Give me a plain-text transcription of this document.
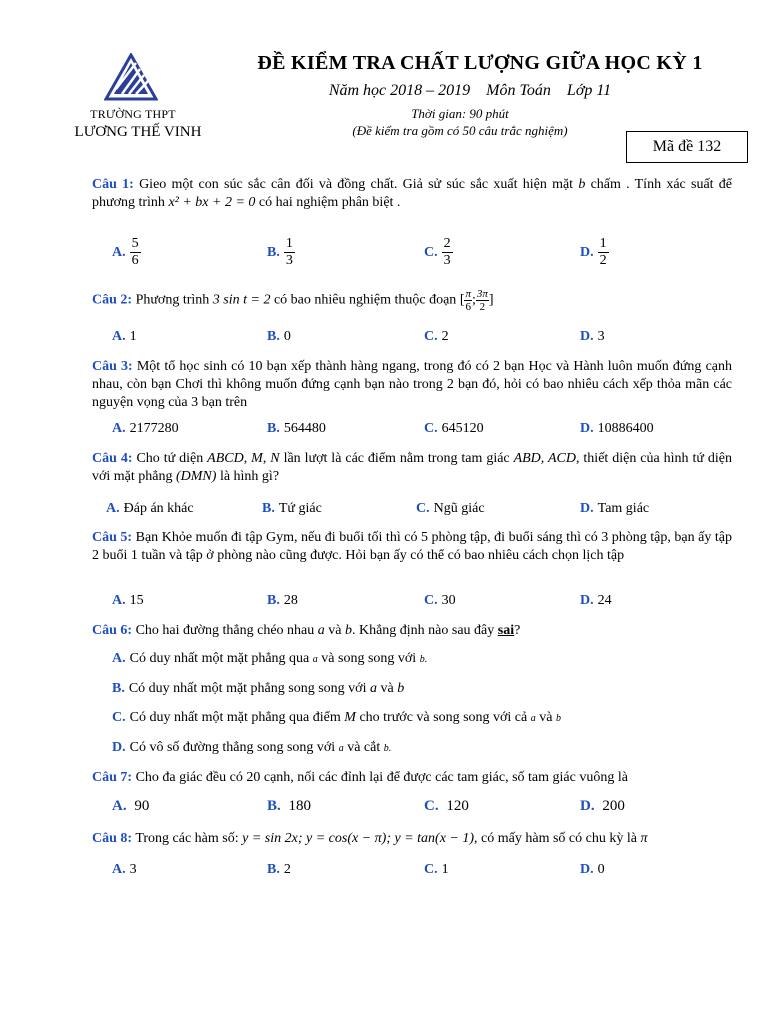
TRƯỜNG THPT
LƯƠNG THẾ VINH
ĐỀ KIỂM TRA CHẤT LƯỢNG GIỮA HỌC KỲ 1
Năm học 2018 – 2019 Môn Toán Lớp 11
Thời gian: 90 phút
(Đề kiểm tra gồm có 50 câu trắc nghiệm)
Mã đề 132
Câu 1: Gieo một con súc sắc cân đối và đồng chất. Giả sử súc sắc xuất hiện mặt b chấm . Tính xác suất để phương trình x² + bx + 2 = 0 có hai nghiệm phân biệt .
A. $\frac{5}{6}$	B. $\frac{1}{3}$	C. $\frac{2}{3}$	D. $\frac{1}{2}$
Câu 2: Phương trình 3 sin t = 2 có bao nhiêu nghiệm thuộc đoạn [ $\frac{\pi}{6}$ ; $\frac{3\pi}{2}$ ]
A. 1	B. 0	C. 2	D. 3
Câu 3: Một tổ học sinh có 10 bạn xếp thành hàng ngang, trong đó có 2 bạn Học và Hành luôn muốn đứng cạnh nhau, còn bạn Chơi thì không muốn đứng cạnh bạn nào trong 2 bạn đó, hỏi có bao nhiêu cách xếp thỏa mãn các nguyện vọng của 3 bạn trên
A. 2177280	B. 564480	C. 645120	D. 10886400
Câu 4: Cho tứ diện ABCD, M, N lần lượt là các điểm nằm trong tam giác ABD, ACD, thiết diện của hình tứ diện với mặt phẳng (DMN) là hình gì?
A. Đáp án khác	B. Tứ giác	C. Ngũ giác	D. Tam giác
Câu 5: Bạn Khỏe muốn đi tập Gym, nếu đi buổi tối thì có 5 phòng tập, đi buổi sáng thì có 3 phòng tập, bạn ấy tập 2 buổi 1 tuần và tập ở phòng nào cũng được. Hỏi bạn ấy có thể có bao nhiêu cách chọn lịch tập
A. 15	B. 28	C. 30	D. 24
Câu 6: Cho hai đường thẳng chéo nhau a và b. Khẳng định nào sau đây sai?
A. Có duy nhất một mặt phẳng qua a và song song với b.
B. Có duy nhất một mặt phẳng song song với a và b
C. Có duy nhất một mặt phẳng qua điểm M cho trước và song song với cả a và b
D. Có vô số đường thẳng song song với a và cắt b.
Câu 7: Cho đa giác đều có 20 cạnh, nối các đỉnh lại để được các tam giác, số tam giác vuông là
A. 90	B. 180	C. 120	D. 200
Câu 8: Trong các hàm số: y = sin 2x; y = cos(x − π); y = tan(x − 1), có mấy hàm số có chu kỳ là π
A. 3	B. 2	C. 1	D. 0
